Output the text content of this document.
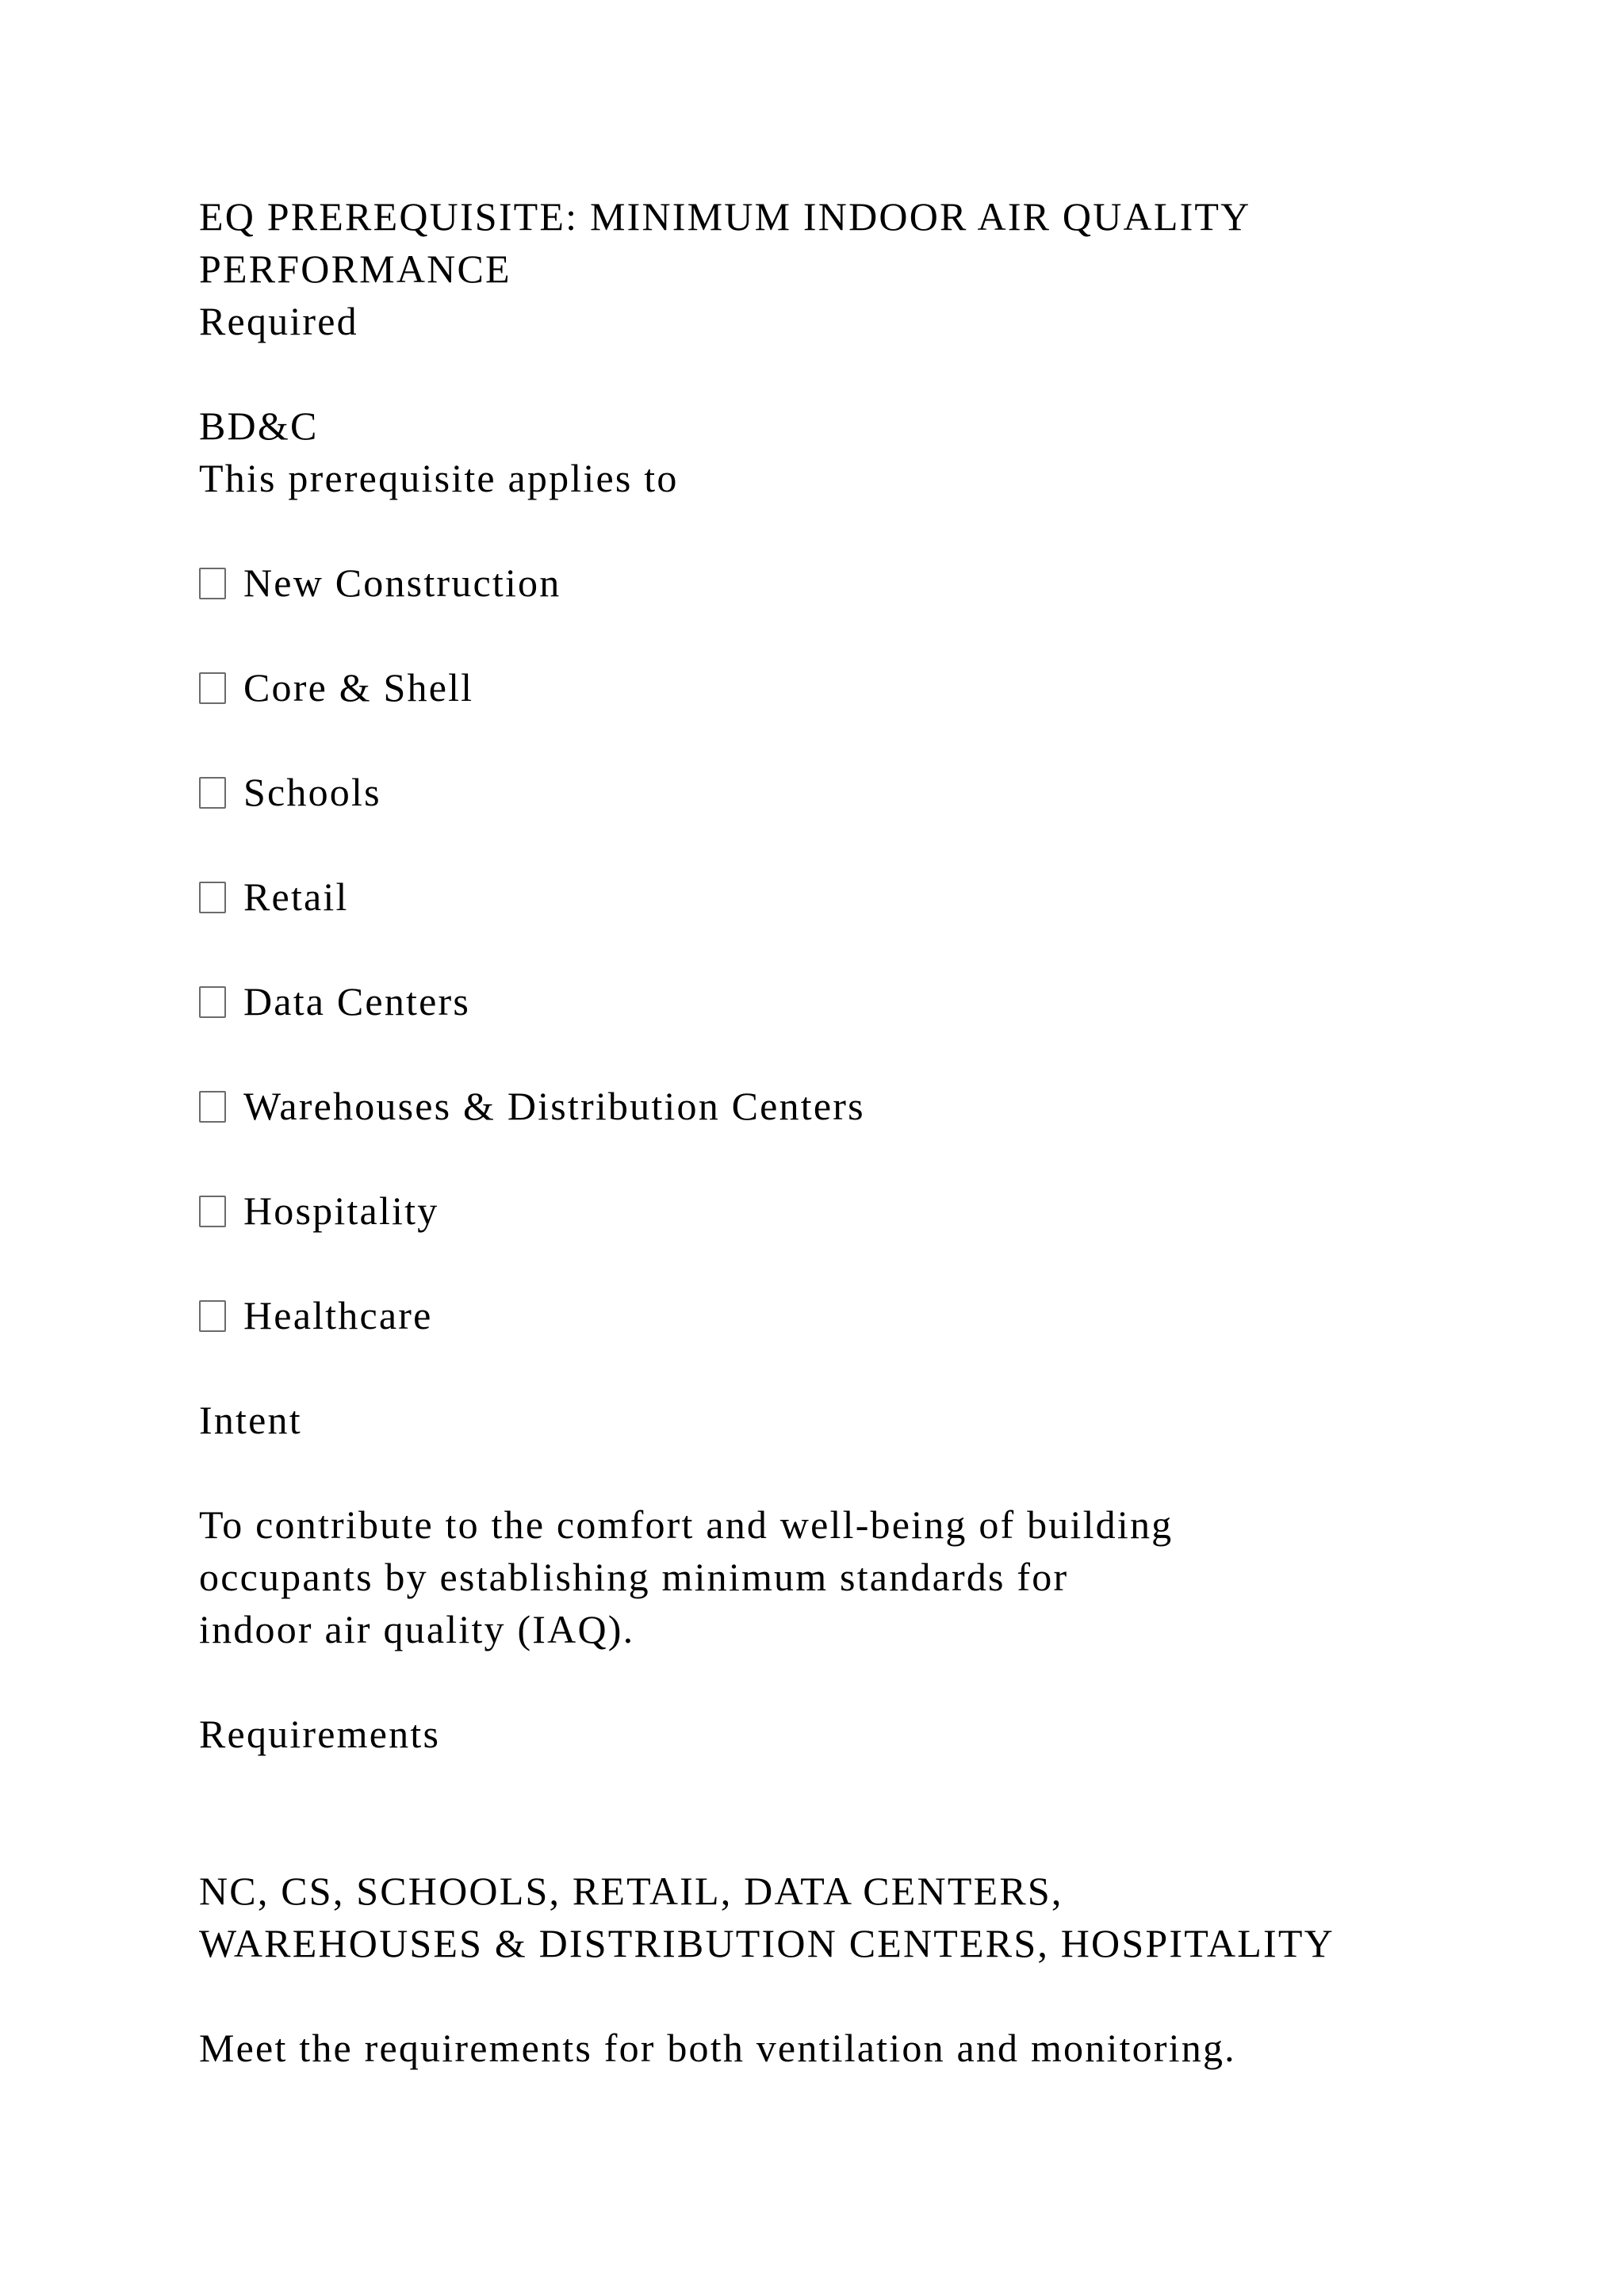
EQ PREREQUISITE: MINIMUM INDOOR AIR QUALITY
PERFORMANCE
Required
BD&C
This prerequisite applies to
New Construction
Core & Shell
Schools
Retail
Data Centers
Warehouses & Distribution Centers
Hospitality
Healthcare
Intent
To contribute to the comfort and well-being of building
occupants by establishing minimum standards for
indoor air quality (IAQ).
Requirements
NC, CS, SCHOOLS, RETAIL, DATA CENTERS,
WAREHOUSES & DISTRIBUTION CENTERS, HOSPITALITY
Meet the requirements for both ventilation and monitoring.
